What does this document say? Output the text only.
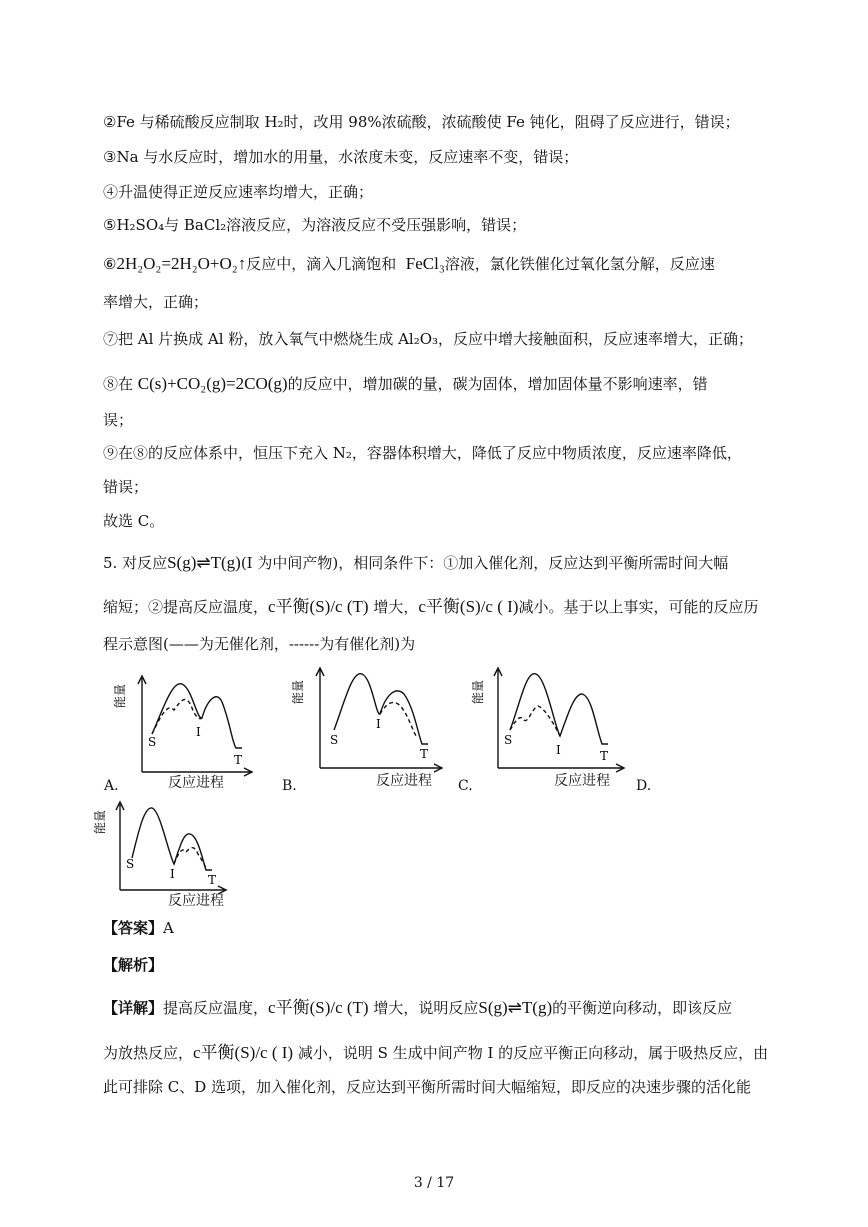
②Fe 与稀硫酸反应制取 H₂时，改用 98%浓硫酸，浓硫酸使 Fe 钝化，阻碍了反应进行，错误；
③Na 与水反应时，增加水的用量，水浓度未变，反应速率不变，错误；
④升温使得正逆反应速率均增大，正确；
⑤H₂SO₄与 BaCl₂溶液反应，为溶液反应不受压强影响，错误；
⑥2H₂O₂=2H₂O+O₂↑反应中，滴入几滴饱和 FeCl₃溶液，氯化铁催化过氧化氢分解，反应速
率增大，正确；
⑦把 Al 片换成 Al 粉，放入氧气中燃烧生成 Al₂O₃，反应中增大接触面积，反应速率增大，正确；
⑧在 C(s)+CO₂(g)=2CO(g)的反应中，增加碳的量，碳为固体，增加固体量不影响速率，错
误；
⑨在⑧的反应体系中，恒压下充入 N₂，容器体积增大，降低了反应中物质浓度，反应速率降低，
错误；
故选 C。
5. 对反应S(g)⇌T(g)(I 为中间产物)，相同条件下：①加入催化剂，反应达到平衡所需时间大幅
缩短；②提高反应温度，c平衡(S)/c (T) 增大，c平衡(S)/c ( I)减小。基于以上事实，可能的反应历
程示意图(——为无催化剂，------为有催化剂)为
S
I
T
能量
反应进程
A.
S
I
T
能量
反应进程
B.
S
I	T
能量
反应进程
C.	D.
S
I	T
能量
反应进程
【答案】A
【解析】
【详解】提高反应温度，c平衡(S)/c (T) 增大，说明反应S(g)⇌T(g)的平衡逆向移动，即该反应
为放热反应，c平衡(S)/c ( I) 减小，说明 S 生成中间产物 I 的反应平衡正向移动，属于吸热反应，由
此可排除 C、D 选项，加入催化剂，反应达到平衡所需时间大幅缩短，即反应的决速步骤的活化能
3 / 17
